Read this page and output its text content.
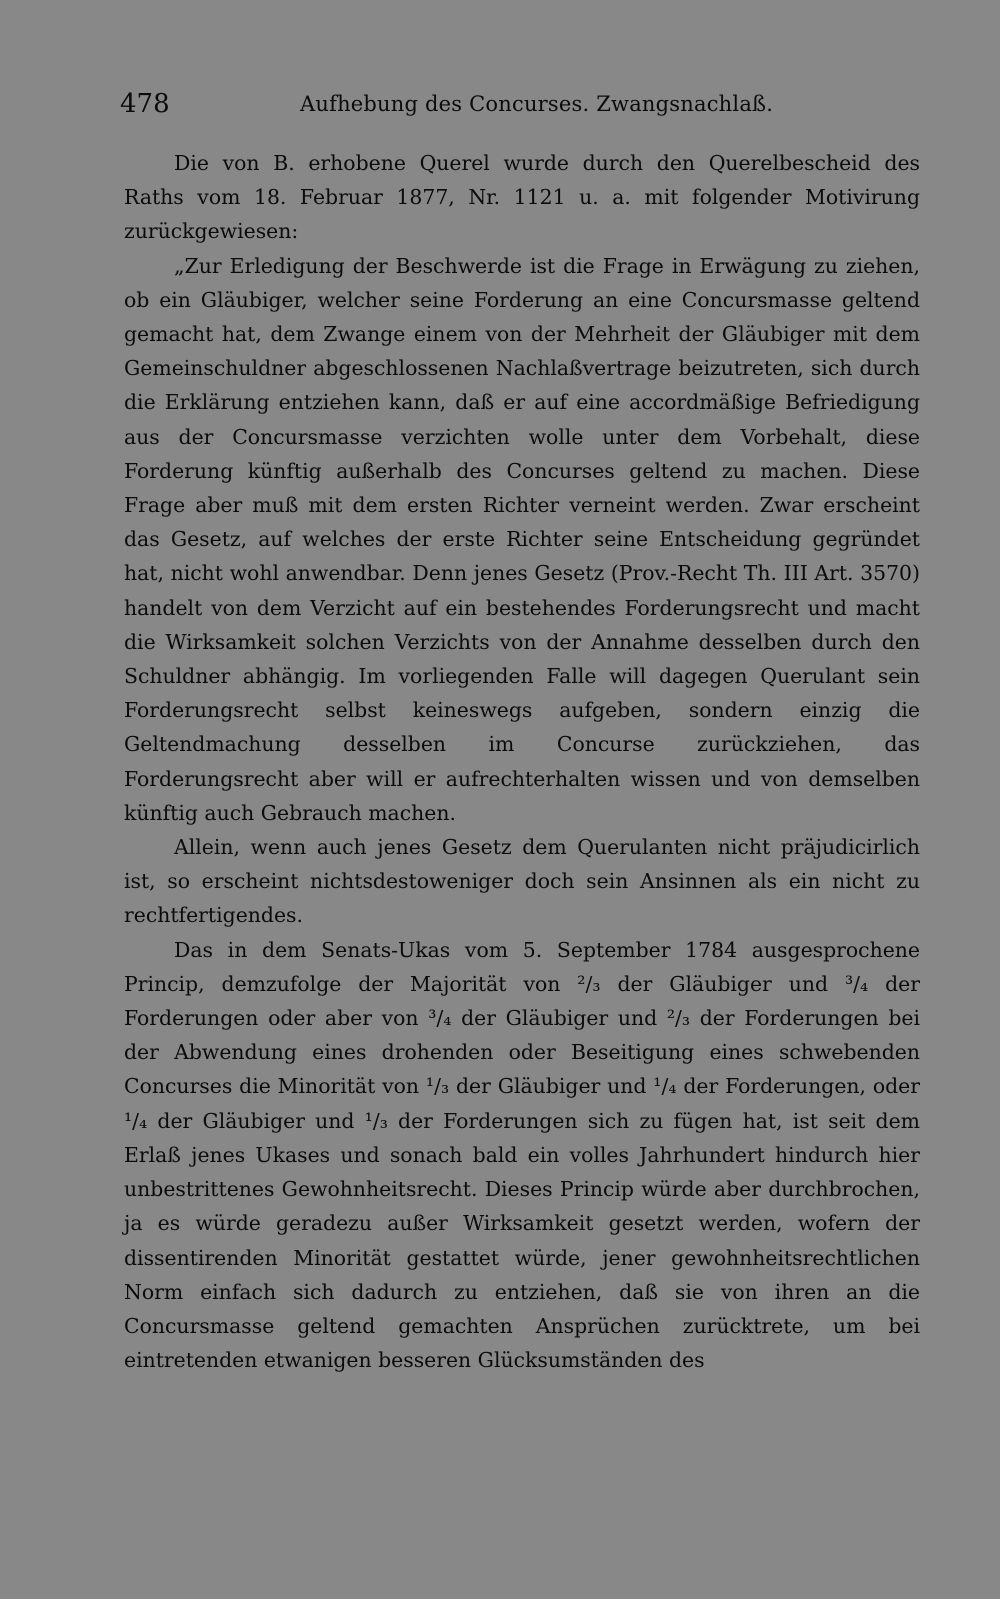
478	Aufhebung des Concurses. Zwangsnachlaß.

Die von B. erhobene Querel wurde durch den Querelbescheid des Raths vom 18. Februar 1877, Nr. 1121 u. a. mit folgender Motivirung zurückgewiesen:

„Zur Erledigung der Beschwerde ist die Frage in Erwägung zu ziehen, ob ein Gläubiger, welcher seine Forderung an eine Concursmasse geltend gemacht hat, dem Zwange einem von der Mehrheit der Gläubiger mit dem Gemeinschuldner abgeschlossenen Nachlaßvertrage beizutreten, sich durch die Erklärung entziehen kann, daß er auf eine accordmäßige Befriedigung aus der Concursmasse verzichten wolle unter dem Vorbehalt, diese Forderung künftig außerhalb des Concurses geltend zu machen. Diese Frage aber muß mit dem ersten Richter verneint werden. Zwar erscheint das Gesetz, auf welches der erste Richter seine Entscheidung gegründet hat, nicht wohl anwendbar. Denn jenes Gesetz (Prov.-Recht Th. III Art. 3570) handelt von dem Verzicht auf ein bestehendes Forderungsrecht und macht die Wirksamkeit solchen Verzichts von der Annahme desselben durch den Schuldner abhängig. Im vorliegenden Falle will dagegen Querulant sein Forderungsrecht selbst keineswegs aufgeben, sondern einzig die Geltendmachung desselben im Concurse zurückziehen, das Forderungsrecht aber will er aufrechterhalten wissen und von demselben künftig auch Gebrauch machen.

Allein, wenn auch jenes Gesetz dem Querulanten nicht präjudicirlich ist, so erscheint nichtsdestoweniger doch sein Ansinnen als ein nicht zu rechtfertigendes.

Das in dem Senats-Ukas vom 5. September 1784 ausgesprochene Princip, demzufolge der Majorität von ²/₃ der Gläubiger und ³/₄ der Forderungen oder aber von ³/₄ der Gläubiger und ²/₃ der Forderungen bei der Abwendung eines drohenden oder Beseitigung eines schwebenden Concurses die Minorität von ¹/₃ der Gläubiger und ¹/₄ der Forderungen, oder ¹/₄ der Gläubiger und ¹/₃ der Forderungen sich zu fügen hat, ist seit dem Erlaß jenes Ukases und sonach bald ein volles Jahrhundert hindurch hier unbestrittenes Gewohnheitsrecht. Dieses Princip würde aber durchbrochen, ja es würde geradezu außer Wirksamkeit gesetzt werden, wofern der dissentirenden Minorität gestattet würde, jener gewohnheitsrechtlichen Norm einfach sich dadurch zu entziehen, daß sie von ihren an die Concursmasse geltend gemachten Ansprüchen zurücktrete, um bei eintretenden etwanigen besseren Glücksumständen des
